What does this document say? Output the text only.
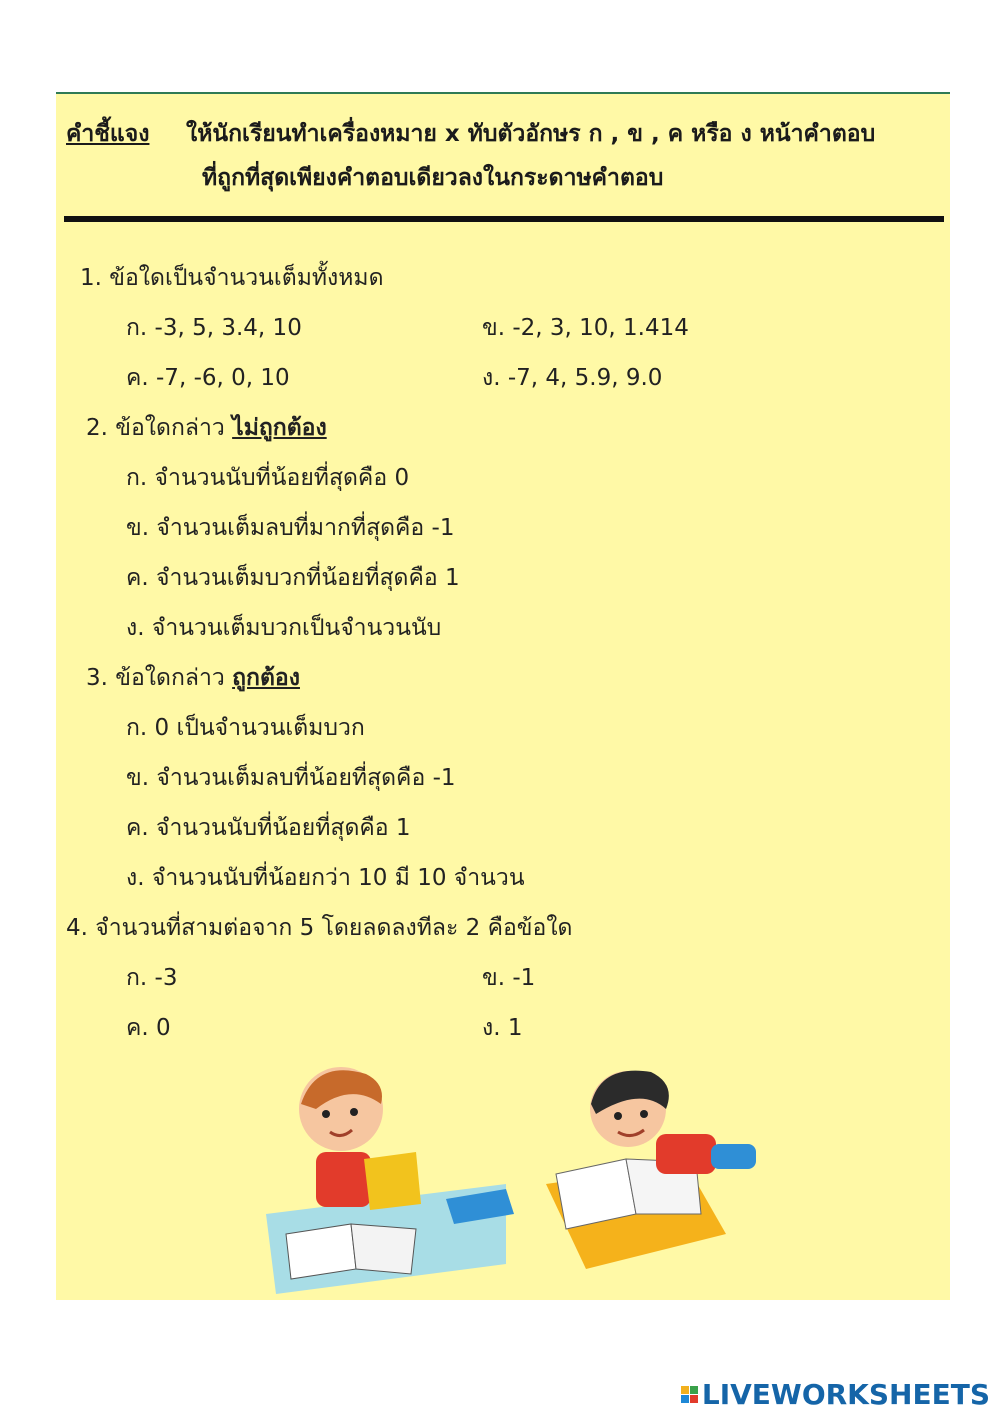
คำชี้แจง ให้นักเรียนทำเครื่องหมาย x ทับตัวอักษร ก , ข , ค หรือ ง หน้าคำตอบ
ที่ถูกที่สุดเพียงคำตอบเดียวลงในกระดาษคำตอบ
1. ข้อใดเป็นจำนวนเต็มทั้งหมด
ก. -3, 5, 3.4, 10	ข. -2, 3, 10, 1.414
ค. -7, -6, 0, 10	ง. -7, 4, 5.9, 9.0
2. ข้อใดกล่าว ไม่ถูกต้อง
ก. จำนวนนับที่น้อยที่สุดคือ 0
ข. จำนวนเต็มลบที่มากที่สุดคือ -1
ค. จำนวนเต็มบวกที่น้อยที่สุดคือ 1
ง. จำนวนเต็มบวกเป็นจำนวนนับ
3. ข้อใดกล่าว ถูกต้อง
ก. 0 เป็นจำนวนเต็มบวก
ข. จำนวนเต็มลบที่น้อยที่สุดคือ -1
ค. จำนวนนับที่น้อยที่สุดคือ 1
ง. จำนวนนับที่น้อยกว่า 10 มี 10 จำนวน
4. จำนวนที่สามต่อจาก 5 โดยลดลงทีละ 2 คือข้อใด
ก. -3	ข. -1
ค. 0	ง. 1
LIVEWORKSHEETS
